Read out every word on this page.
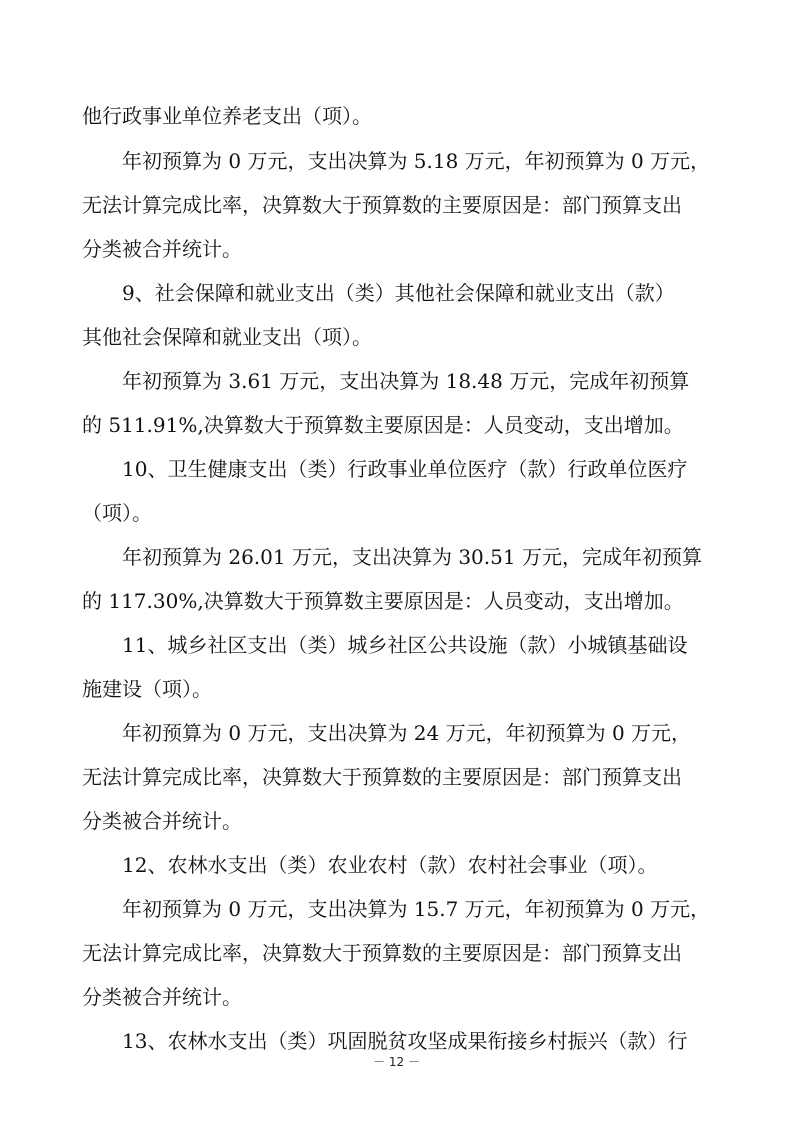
他行政事业单位养老支出（项）。
年初预算为 0 万元，支出决算为 5.18 万元，年初预算为 0 万元，
无法计算完成比率，决算数大于预算数的主要原因是：部门预算支出
分类被合并统计。
9、社会保障和就业支出（类）其他社会保障和就业支出（款）
其他社会保障和就业支出（项）。
年初预算为 3.61 万元，支出决算为 18.48 万元，完成年初预算
的 511.91%,决算数大于预算数主要原因是：人员变动，支出增加。
10、卫生健康支出（类）行政事业单位医疗（款）行政单位医疗
（项）。
年初预算为 26.01 万元，支出决算为 30.51 万元，完成年初预算
的 117.30%,决算数大于预算数主要原因是：人员变动，支出增加。
11、城乡社区支出（类）城乡社区公共设施（款）小城镇基础设
施建设（项）。
年初预算为 0 万元，支出决算为 24 万元，年初预算为 0 万元，
无法计算完成比率，决算数大于预算数的主要原因是：部门预算支出
分类被合并统计。
12、农林水支出（类）农业农村（款）农村社会事业（项）。
年初预算为 0 万元，支出决算为 15.7 万元，年初预算为 0 万元，
无法计算完成比率，决算数大于预算数的主要原因是：部门预算支出
分类被合并统计。
13、农林水支出（类）巩固脱贫攻坚成果衔接乡村振兴（款）行
－ 12 －
